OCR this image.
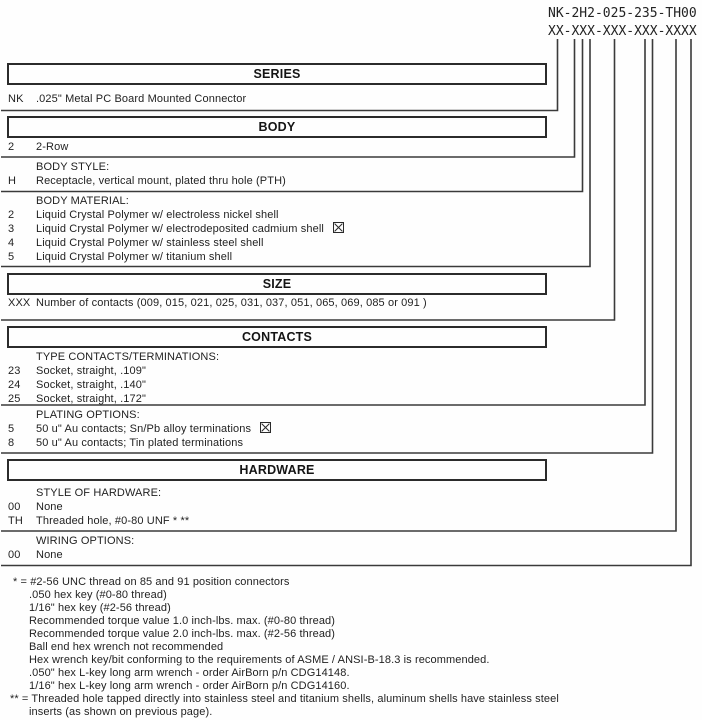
NK-2H2-025-235-TH00
XX-XXX-XXX-XXX-XXXX
SERIES
BODY
SIZE
CONTACTS
HARDWARE
NK	.025" Metal PC Board Mounted Connector
2	2-Row
BODY STYLE:
H	Receptacle, vertical mount, plated thru hole (PTH)
BODY MATERIAL:
2	Liquid Crystal Polymer w/ electroless nickel shell
3	Liquid Crystal Polymer w/ electrodeposited cadmium shell
4	Liquid Crystal Polymer w/ stainless steel shell
5	Liquid Crystal Polymer w/ titanium shell
XXX Number of contacts (009, 015, 021, 025, 031, 037, 051, 065, 069, 085 or 091 )
TYPE CONTACTS/TERMINATIONS:
23	Socket, straight, .109"
24	Socket, straight, .140"
25	Socket, straight, .172"
PLATING OPTIONS:
5	50 u" Au contacts; Sn/Pb alloy terminations
8	50 u" Au contacts; Tin plated terminations
STYLE OF HARDWARE:
00	None
TH	Threaded hole, #0-80 UNF * **
WIRING OPTIONS:
00	None
* = #2-56 UNC thread on 85 and 91 position connectors
.050 hex key (#0-80 thread)
1/16" hex key (#2-56 thread)
Recommended torque value 1.0 inch-lbs. max. (#0-80 thread)
Recommended torque value 2.0 inch-lbs. max. (#2-56 thread)
Ball end hex wrench not recommended
Hex wrench key/bit conforming to the requirements of ASME / ANSI-B-18.3 is recommended.
.050" hex L-key long arm wrench - order AirBorn p/n CDG14148.
1/16" hex L-key long arm wrench - order AirBorn p/n CDG14160.
** = Threaded hole tapped directly into stainless steel and titanium shells, aluminum shells have stainless steel
inserts (as shown on previous page).
